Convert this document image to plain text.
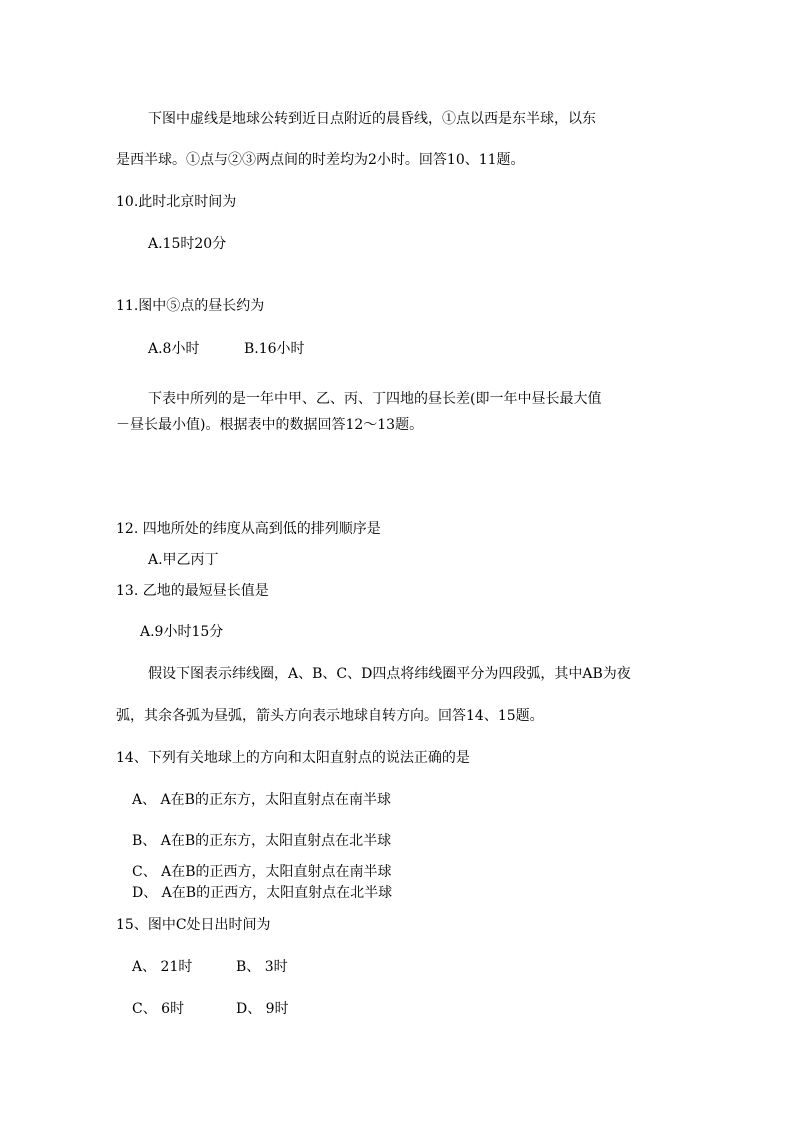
下图中虚线是地球公转到近日点附近的晨昏线，①点以西是东半球，以东
是西半球。①点与②③两点间的时差均为2小时。回答10、11题。
10.此时北京时间为
A.15时20分
11.图中⑤点的昼长约为
A.8小时	B.16小时
下表中所列的是一年中甲、乙、丙、丁四地的昼长差(即一年中昼长最大值
－昼长最小值)。根据表中的数据回答12～13题。
12. 四地所处的纬度从高到低的排列顺序是
A.甲乙丙丁
13. 乙地的最短昼长值是
A.9小时15分
假设下图表示纬线圈，A、B、C、D四点将纬线圈平分为四段弧，其中AB为夜
弧，其余各弧为昼弧，箭头方向表示地球自转方向。回答14、15题。
14、下列有关地球上的方向和太阳直射点的说法正确的是
A、 A在B的正东方，太阳直射点在南半球
B、 A在B的正东方，太阳直射点在北半球
C、 A在B的正西方，太阳直射点在南半球
D、 A在B的正西方，太阳直射点在北半球
15、图中C处日出时间为
A、 21时	B、 3时
C、 6时	D、 9时
